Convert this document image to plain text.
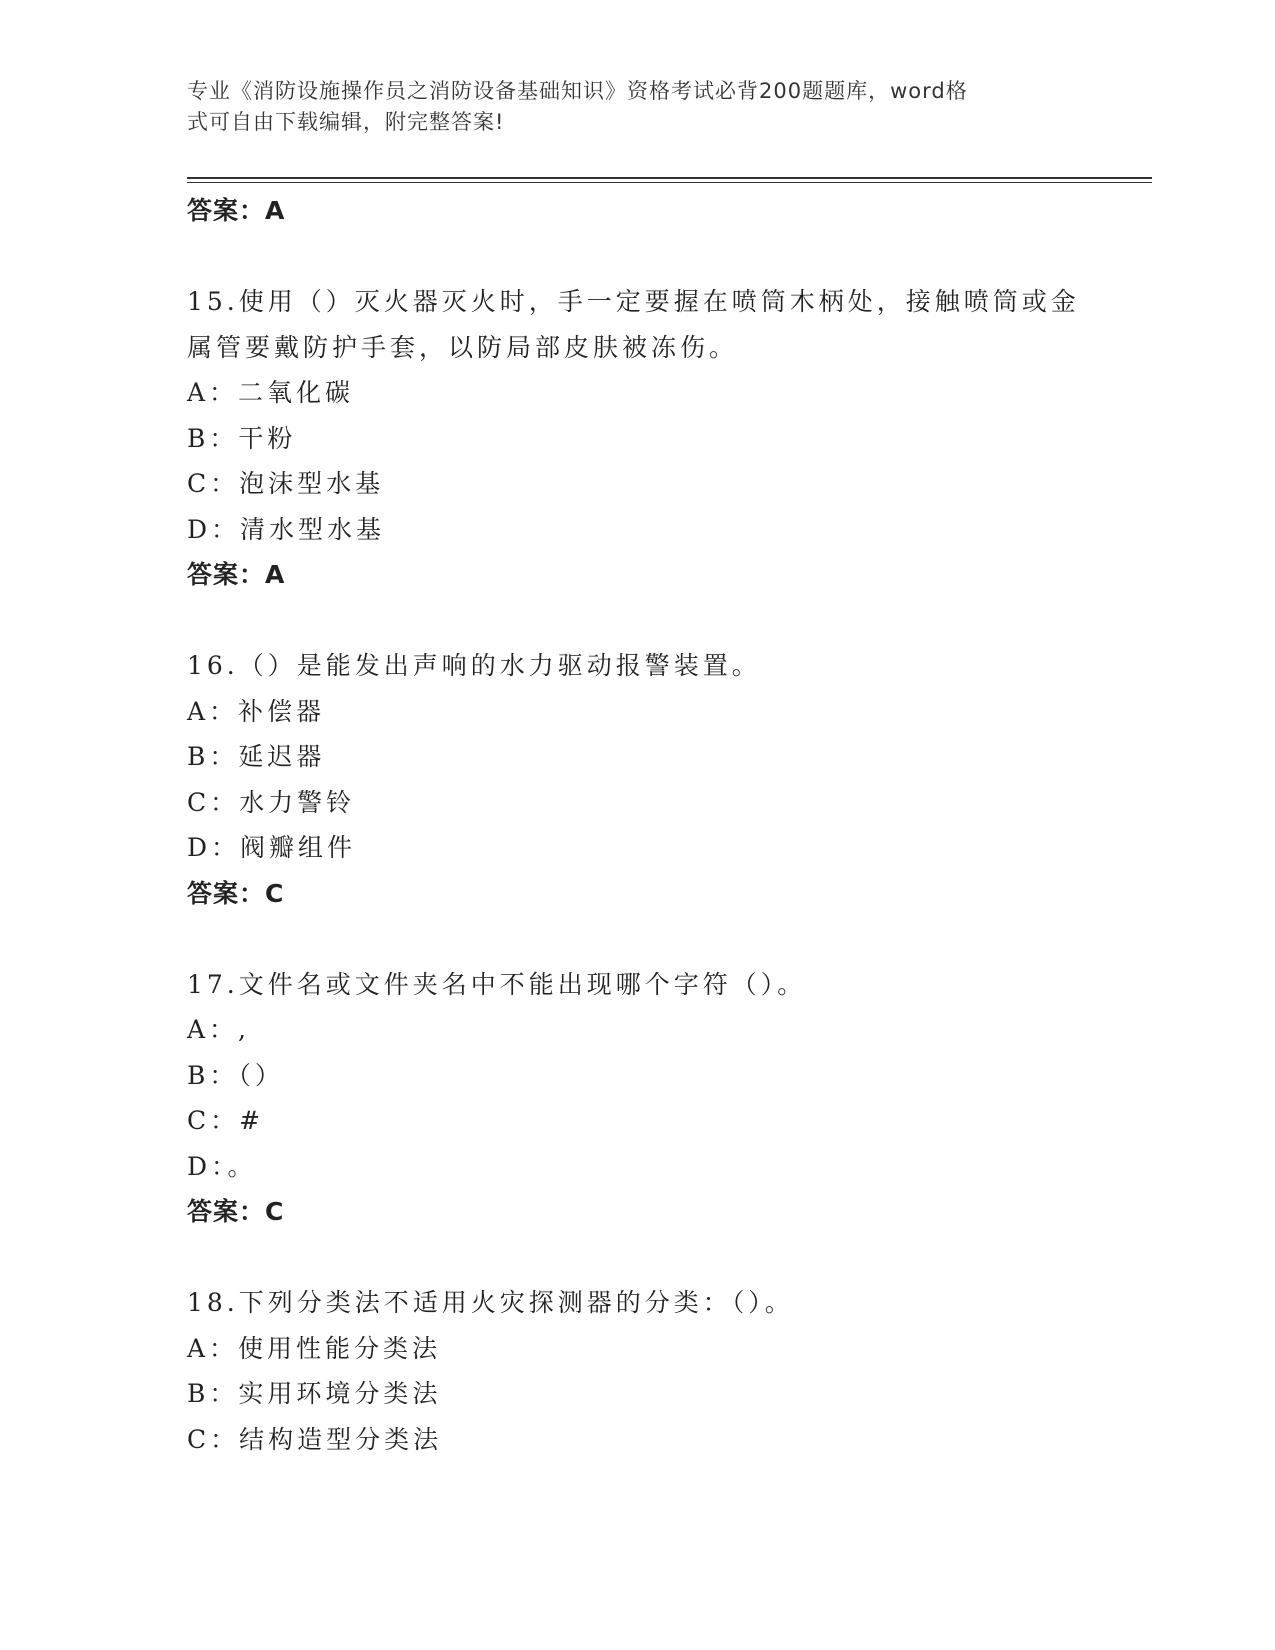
专业《消防设施操作员之消防设备基础知识》资格考试必背200题题库，word格
式可自由下载编辑，附完整答案!
答案：A
15.使用（）灭火器灭火时，手一定要握在喷筒木柄处，接触喷筒或金
属管要戴防护手套，以防局部皮肤被冻伤。
A：二氧化碳
B：干粉
C：泡沫型水基
D：清水型水基
答案：A
16.（）是能发出声响的水力驱动报警装置。
A：补偿器
B：延迟器
C：水力警铃
D：阀瓣组件
答案：C
17.文件名或文件夹名中不能出现哪个字符（）。
A：,
B：（）
C：#
D：。
答案：C
18.下列分类法不适用火灾探测器的分类：（）。
A：使用性能分类法
B：实用环境分类法
C：结构造型分类法
